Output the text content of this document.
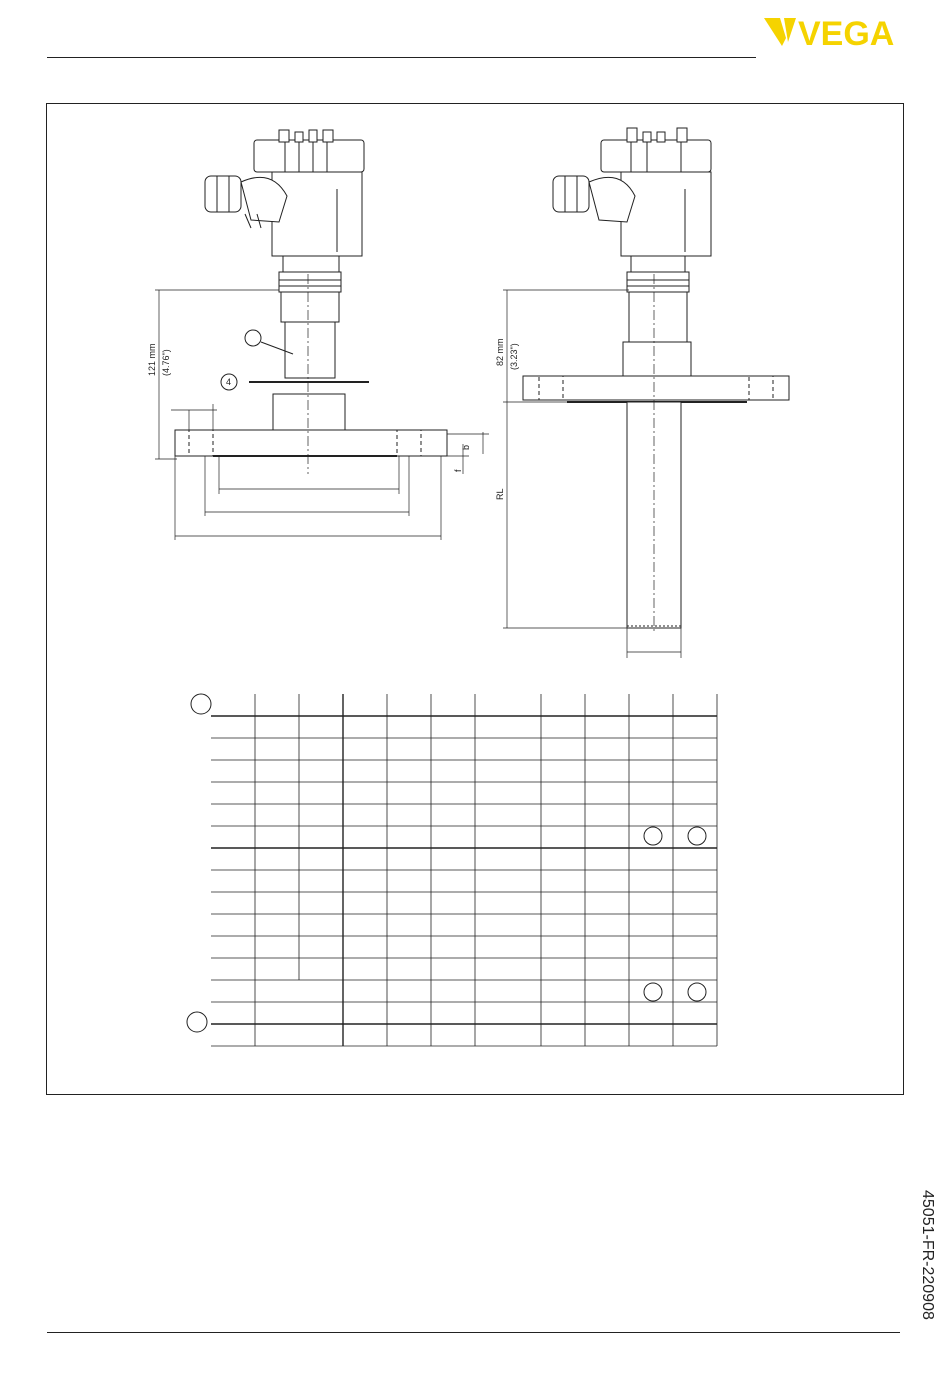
VEGA
121 mm (4.76")
4
b
f
82 mm (3.23")
RL
45051-FR-220908
